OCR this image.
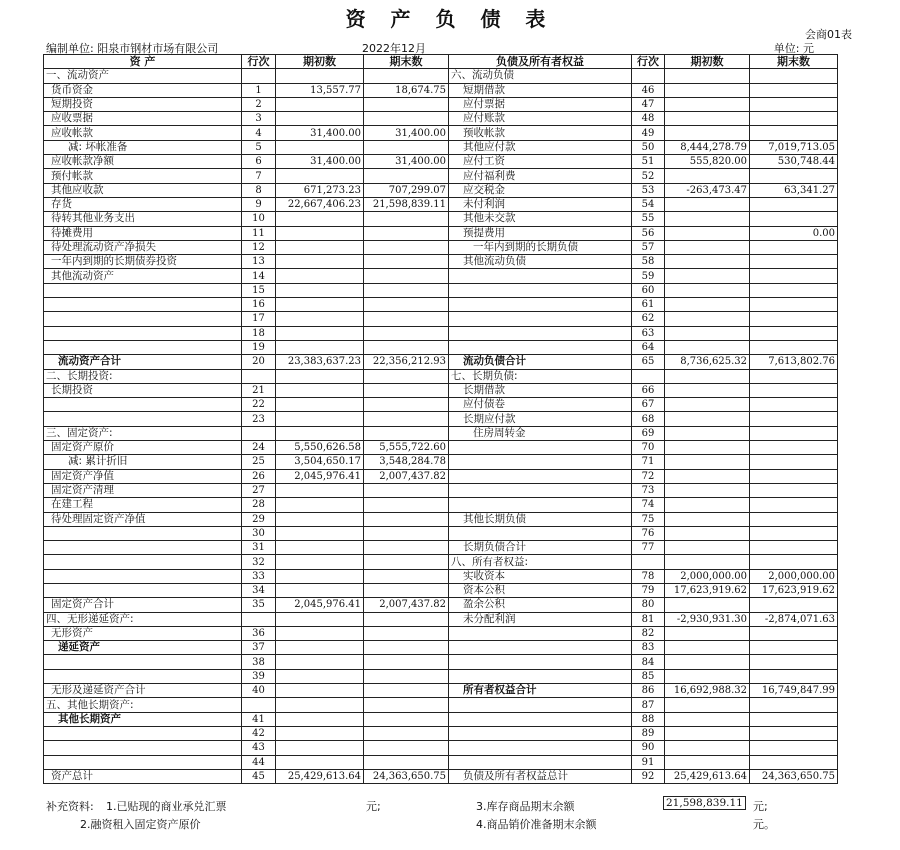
资 产 负 债 表
会商01表
编制单位: 阳泉市钢材市场有限公司	2022年12月	单位: 元
资 产	行次	期初数	期末数	负债及所有者权益	行次	期初数	期末数
一、流动资产				六、流动负债			
货币资金	1	13,557.77	18,674.75	短期借款	46		
短期投资	2			应付票据	47		
应收票据	3			应付账款	48		
应收帐款	4	31,400.00	31,400.00	预收帐款	49		
减: 坏帐准备	5			其他应付款	50	8,444,278.79	7,019,713.05
应收帐款净额	6	31,400.00	31,400.00	应付工资	51	555,820.00	530,748.44
预付帐款	7			应付福利费	52		
其他应收款	8	671,273.23	707,299.07	应交税金	53	-263,473.47	63,341.27
存货	9	22,667,406.23	21,598,839.11	未付利润	54		
待转其他业务支出	10			其他未交款	55		
待摊费用	11			预提费用	56		0.00
待处理流动资产净损失	12			一年内到期的长期负债	57		
一年内到期的长期债券投资	13			其他流动负债	58		
其他流动资产	14				59		
	15				60		
	16				61		
	17				62		
	18				63		
	19				64		
流动资产合计	20	23,383,637.23	22,356,212.93	流动负债合计	65	8,736,625.32	7,613,802.76
二、长期投资:				七、长期负债:			
长期投资	21			长期借款	66		
	22			应付债卷	67		
	23			长期应付款	68		
三、固定资产:				住房周转金	69		
固定资产原价	24	5,550,626.58	5,555,722.60		70		
减: 累计折旧	25	3,504,650.17	3,548,284.78		71		
固定资产净值	26	2,045,976.41	2,007,437.82		72		
固定资产清理	27				73		
在建工程	28				74		
待处理固定资产净值	29			其他长期负债	75		
	30				76		
	31			长期负债合计	77		
	32			八、所有者权益:			
	33			实收资本	78	2,000,000.00	2,000,000.00
	34			资本公积	79	17,623,919.62	17,623,919.62
固定资产合计	35	2,045,976.41	2,007,437.82	盈余公积	80		
四、无形递延资产:				未分配利润	81	-2,930,931.30	-2,874,071.63
无形资产	36				82		
递延资产	37				83		
	38				84		
	39				85		
无形及递延资产合计	40			所有者权益合计	86	16,692,988.32	16,749,847.99
五、其他长期资产:					87		
其他长期资产	41				88		
	42				89		
	43				90		
	44				91		
资产总计	45	25,429,613.64	24,363,650.75	负债及所有者权益总计	92	25,429,613.64	24,363,650.75
补充资料: 1.已贴现的商业承兑汇票	元;	3.库存商品期末余额	21,598,839.11 元;
2.融资租入固定资产原价	4.商品销价准备期末余额	元。
